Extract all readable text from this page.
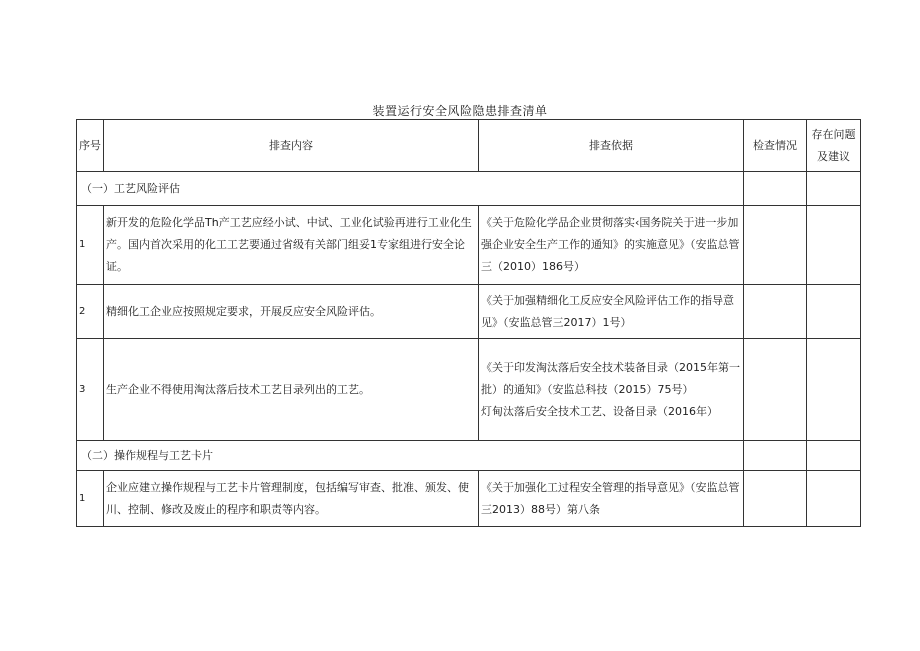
装置运行安全风险隐患排查清单
序号	排查内容	排查依据	检查情况	存在问题及建议
（一）工艺风险评估				
1	新开发的危险化学品Th产工艺应经小试、中试、工业化试验再进行工业化生产。国内首次采用的化工工艺要通过省级有关部门组妥1专家组进行安全论证。	《关于危险化学品企业贯彻落实‹国务院关于进一步加强企业安全生产工作的通知》的实施意见》（安监总管三（2010）186号）		
2	精细化工企业应按照规定要求，开展反应安全风险评估。	《关于加强精细化工反应安全风险评估工作的指导意见》（安监总管三2017）1号）		
3	生产企业不得使用淘汰落后技术工艺目录列出的工艺。	《关于印发淘汰落后安全技术装备目录（2015年第一批）的通知》（安监总科技（2015）75号）
灯甸汰落后安全技术工艺、设备目录（2016年）		

（二）操作规程与工艺卡片				
1	企业应建立操作规程与工艺卡片管理制度，包括编写审查、批准、颁发、使川、控制、修改及废止的程序和职责等内容。	《关于加强化工过程安全管理的指导意见》（安监总管三2013）88号）第八条		
